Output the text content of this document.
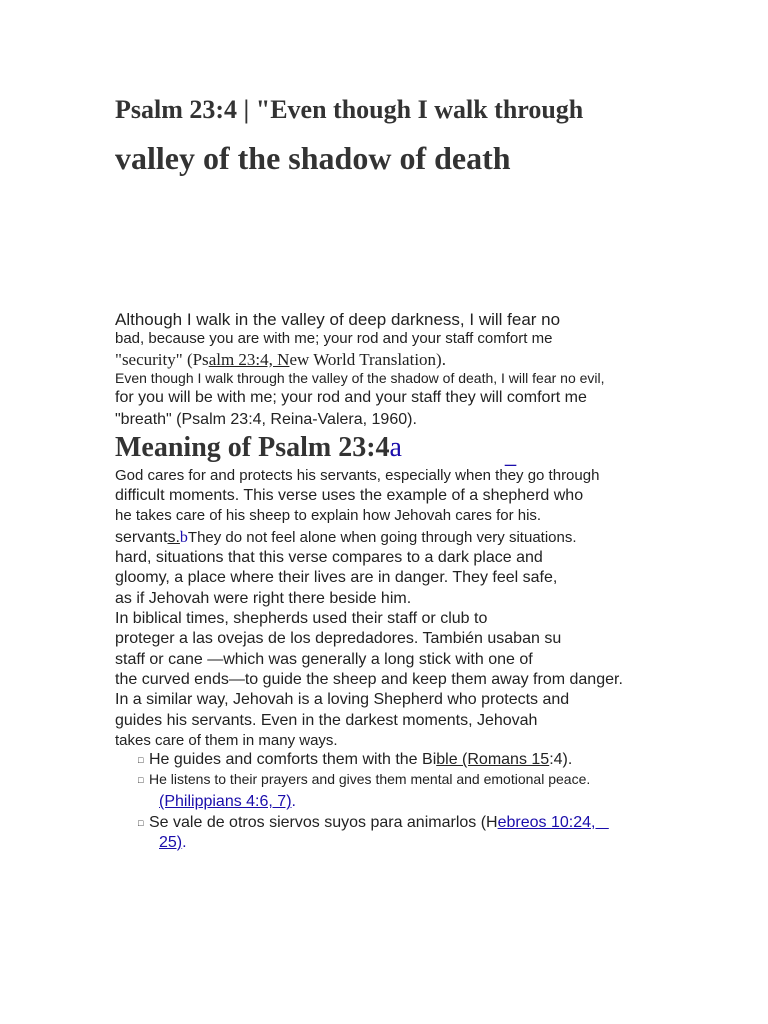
Psalm 23:4 | "Even though I walk through
valley of the shadow of death

Although I walk in the valley of deep darkness, I will fear no

bad, because you are with me; your rod and your staff comfort me

"security" (Psalm 23:4, New World Translation).

Even though I walk through the valley of the shadow of death, I will fear no evil,

for you will be with me; your rod and your staff they will comfort me

"breath" (Psalm 23:4, Reina-Valera, 1960).

Meaning of Psalm 23:4a	_

God cares for and protects his servants, especially when they go through

difficult moments. This verse uses the example of a shepherd who

he takes care of his sheep to explain how Jehovah cares for his.

servants.bThey do not feel alone when going through very situations.

hard, situations that this verse compares to a dark place and

gloomy, a place where their lives are in danger. They feel safe,

as if Jehovah were right there beside him.

In biblical times, shepherds used their staff or club to

proteger a las ovejas de los depredadores. También usaban su

staff or cane —which was generally a long stick with one of

the curved ends—to guide the sheep and keep them away from danger.

In a similar way, Jehovah is a loving Shepherd who protects and

guides his servants. Even in the darkest moments, Jehovah

takes care of them in many ways.

□ He guides and comforts them with the Bible (Romans 15:4).

□ He listens to their prayers and gives them mental and emotional peace.

(Philippians 4:6, 7).

□ Se vale de otros siervos suyos para animarlos (Hebreos 10:24,

25).
